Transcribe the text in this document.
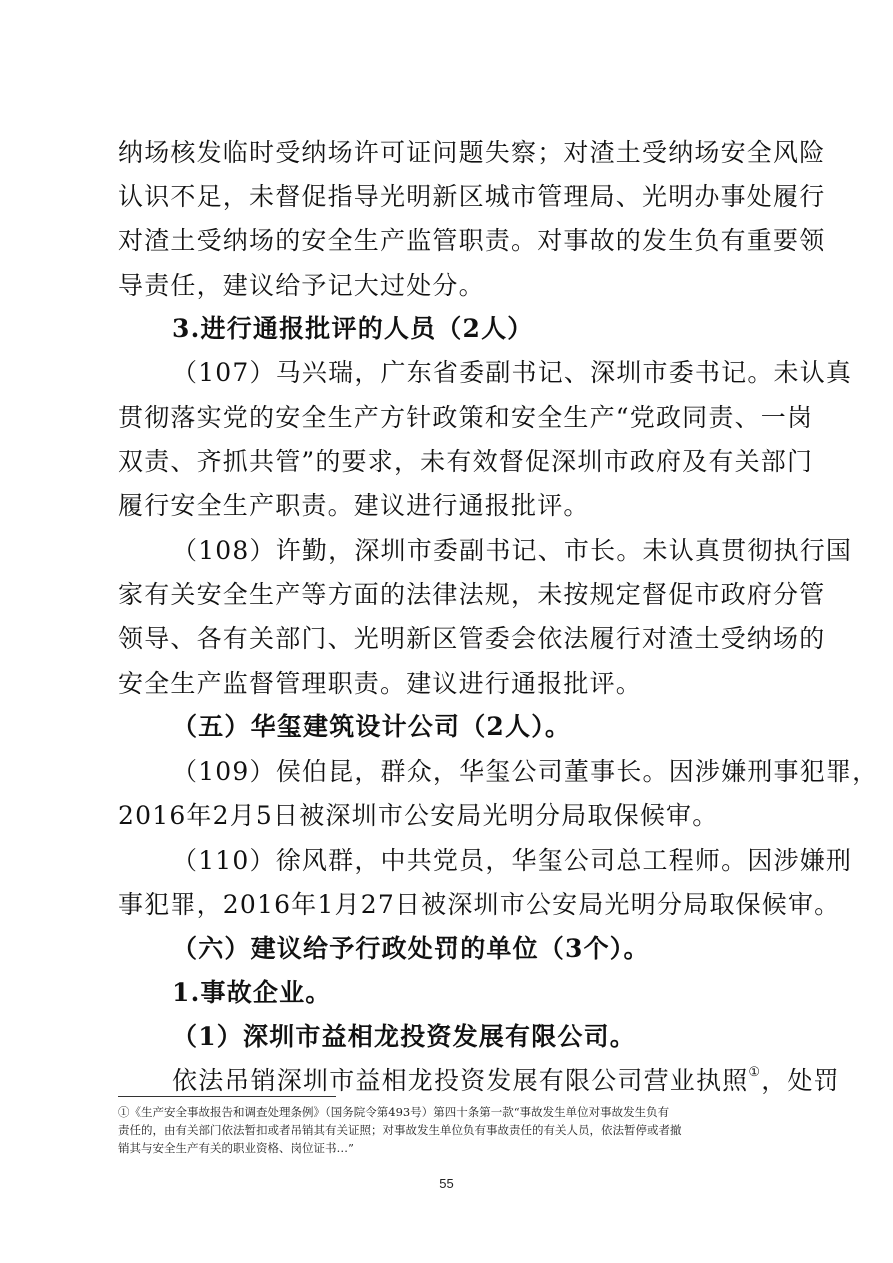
纳场核发临时受纳场许可证问题失察；对渣土受纳场安全风险
认识不足，未督促指导光明新区城市管理局、光明办事处履行
对渣土受纳场的安全生产监管职责。对事故的发生负有重要领
导责任，建议给予记大过处分。
3.进行通报批评的人员（2人）
（107）马兴瑞，广东省委副书记、深圳市委书记。未认真
贯彻落实党的安全生产方针政策和安全生产“党政同责、一岗
双责、齐抓共管”的要求，未有效督促深圳市政府及有关部门
履行安全生产职责。建议进行通报批评。
（108）许勤，深圳市委副书记、市长。未认真贯彻执行国
家有关安全生产等方面的法律法规，未按规定督促市政府分管
领导、各有关部门、光明新区管委会依法履行对渣土受纳场的
安全生产监督管理职责。建议进行通报批评。
（五）华玺建筑设计公司（2人）。
（109）侯伯昆，群众，华玺公司董事长。因涉嫌刑事犯罪，
2016年2月5日被深圳市公安局光明分局取保候审。
（110）徐风群，中共党员，华玺公司总工程师。因涉嫌刑
事犯罪，2016年1月27日被深圳市公安局光明分局取保候审。
（六）建议给予行政处罚的单位（3个）。
1.事故企业。
（1）深圳市益相龙投资发展有限公司。
依法吊销深圳市益相龙投资发展有限公司营业执照①，处罚
①《生产安全事故报告和调查处理条例》（国务院令第493号）第四十条第一款“事故发生单位对事故发生负有
责任的，由有关部门依法暂扣或者吊销其有关证照；对事故发生单位负有事故责任的有关人员，依法暂停或者撤
销其与安全生产有关的职业资格、岗位证书…”
55
